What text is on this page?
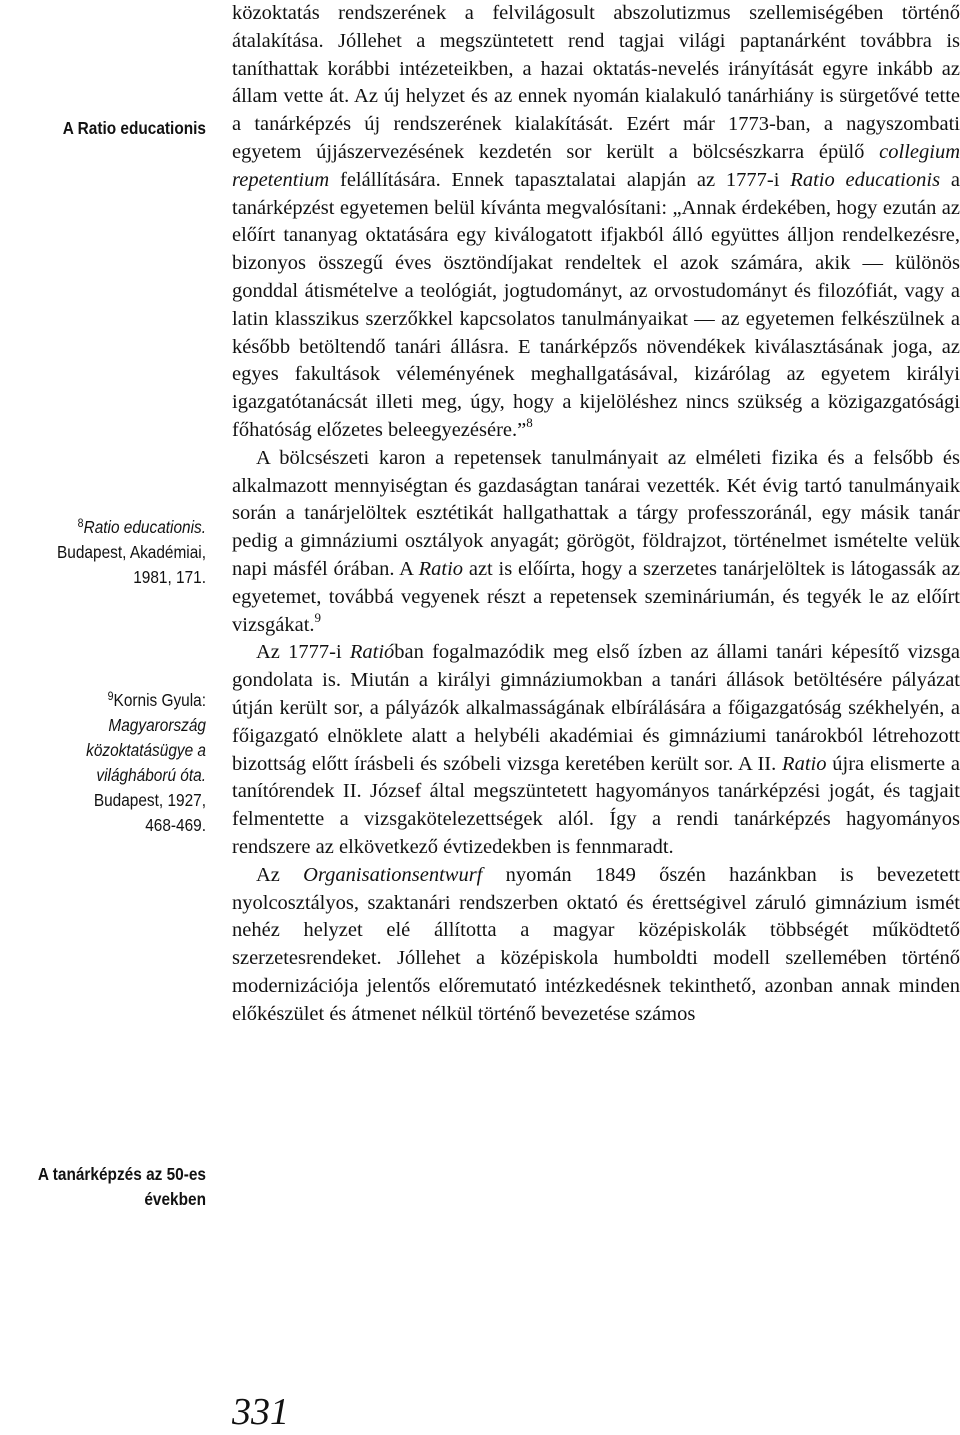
A Ratio educationis
$^8$Ratio educationis.
Budapest, Akadémiai,
1981, 171.
$^9$Kornis Gyula:
Magyarország
közoktatásügye a
világháború óta.
Budapest, 1927,
468-469.
A tanárképzés az 50-es években

közoktatás rendszerének a felvilágosult abszolutizmus szellemiségében történő átalakítása. Jóllehet a megszüntetett rend tagjai világi paptanárként továbbra is taníthattak korábbi intézeteikben, a hazai oktatás-nevelés irányítását egyre inkább az állam vette át. Az új helyzet és az ennek nyomán kialakuló tanárhiány is sürgetővé tette a tanárképzés új rendszerének kialakítását. Ezért már 1773-ban, a nagyszombati egyetem újjászervezésének kezdetén sor került a bölcsészkarra épülő collegium repetentium felállítására. Ennek tapasztalatai alapján az 1777-i Ratio educationis a tanárképzést egyetemen belül kívánta megvalósítani: „Annak érdekében, hogy ezután az előírt tananyag oktatására egy kiválogatott ifjakból álló együttes álljon rendelkezésre, bizonyos összegű éves ösztöndíjakat rendeltek el azok számára, akik — különös gonddal átismételve a teológiát, jogtudományt, az orvostudományt és filozófiát, vagy a latin klasszikus szerzőkkel kapcsolatos tanulmányaikat — az egyetemen felkészülnek a később betöltendő tanári állásra. E tanárképzős növendékek kiválasztásának joga, az egyes fakultások véleményének meghallgatásával, kizárólag az egyetem királyi igazgatótanácsát illeti meg, úgy, hogy a kijelöléshez nincs szükség a közigazgatósági főhatóság előzetes beleegyezésére.”$^8$

A bölcsészeti karon a repetensek tanulmányait az elméleti fizika és a felsőbb és alkalmazott mennyiségtan és gazdaságtan tanárai vezették. Két évig tartó tanulmányaik során a tanárjelöltek esztétikát hallgathattak a tárgy professzoránál, egy másik tanár pedig a gimnáziumi osztályok anyagát; görögöt, földrajzot, történelmet ismételte velük napi másfél órában. A Ratio azt is előírta, hogy a szerzetes tanárjelöltek is látogassák az egyetemet, továbbá vegyenek részt a repetensek szemináriumán, és tegyék le az előírt vizsgákat.$^9$

Az 1777-i Ratióban fogalmazódik meg első ízben az állami tanári képesítő vizsga gondolata is. Miután a királyi gimnáziumokban a tanári állások betöltésére pályázat útján került sor, a pályázók alkalmasságának elbírálására a főigazgatóság székhelyén, a főigazgató elnöklete alatt a helybéli akadémiai és gimnáziumi tanárokból létrehozott bizottság előtt írásbeli és szóbeli vizsga keretében került sor. A II. Ratio újra elismerte a tanítórendek II. József által megszüntetett hagyományos tanárképzési jogát, és tagjait felmentette a vizsgakötelezettségek alól. Így a rendi tanárképzés hagyományos rendszere az elkövetkező évtizedekben is fennmaradt.

Az Organisationsentwurf nyomán 1849 őszén hazánkban is bevezetett nyolcosztályos, szaktanári rendszerben oktató és érettségivel záruló gimnázium ismét nehéz helyzet elé állította a magyar középiskolák többségét működtető szerzetesrendeket. Jóllehet a középiskola humboldti modell szellemében történő modernizációja jelentős előremutató intézkedésnek tekinthető, azonban annak minden előkészület és átmenet nélkül történő bevezetése számos

331
